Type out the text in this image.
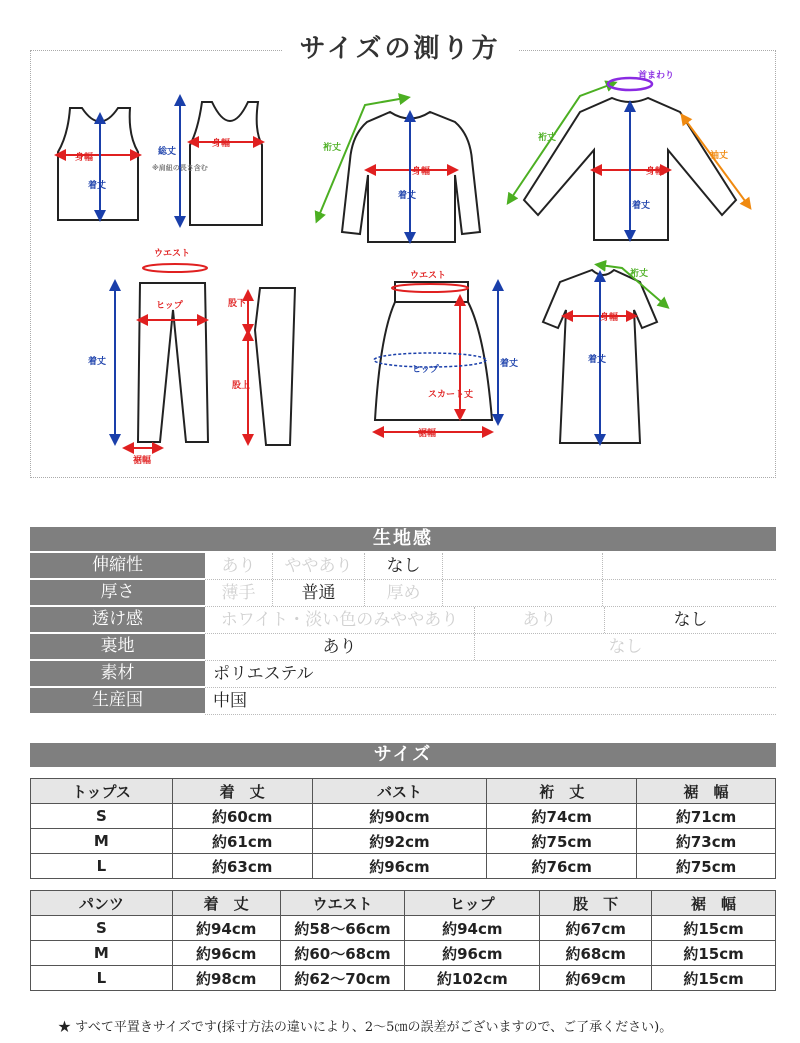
身幅
着丈
身幅
総丈
※肩紐の長さ含む
裄丈
身幅
着丈
首まわり
裄丈
袖丈
身幅
着丈
ウエスト
ヒップ
着丈
股下
股上
裾幅
ウエスト
ヒップ
スカート丈
着丈
裾幅
裄丈
身幅
着丈
サイズの測り方
生地感
伸縮性	あり	ややあり	なし
厚さ	薄手	普通	厚め
透け感	ホワイト・淡い色のみややあり	あり	なし
裏地	あり	なし
素材	ポリエステル
生産国	中国
サイズ
トップス	着　丈	バスト	裄　丈	裾　幅
S	約60cm	約90cm	約74cm	約71cm
M	約61cm	約92cm	約75cm	約73cm
L	約63cm	約96cm	約76cm	約75cm
パンツ	着　丈	ウエスト	ヒップ	股　下	裾　幅
S	約94cm	約58～66cm	約94cm	約67cm	約15cm
M	約96cm	約60～68cm	約96cm	約68cm	約15cm
L	約98cm	約62～70cm	約102cm	約69cm	約15cm
★ すべて平置きサイズです(採寸方法の違いにより、2～5㎝の誤差がございますので、ご了承ください)。
